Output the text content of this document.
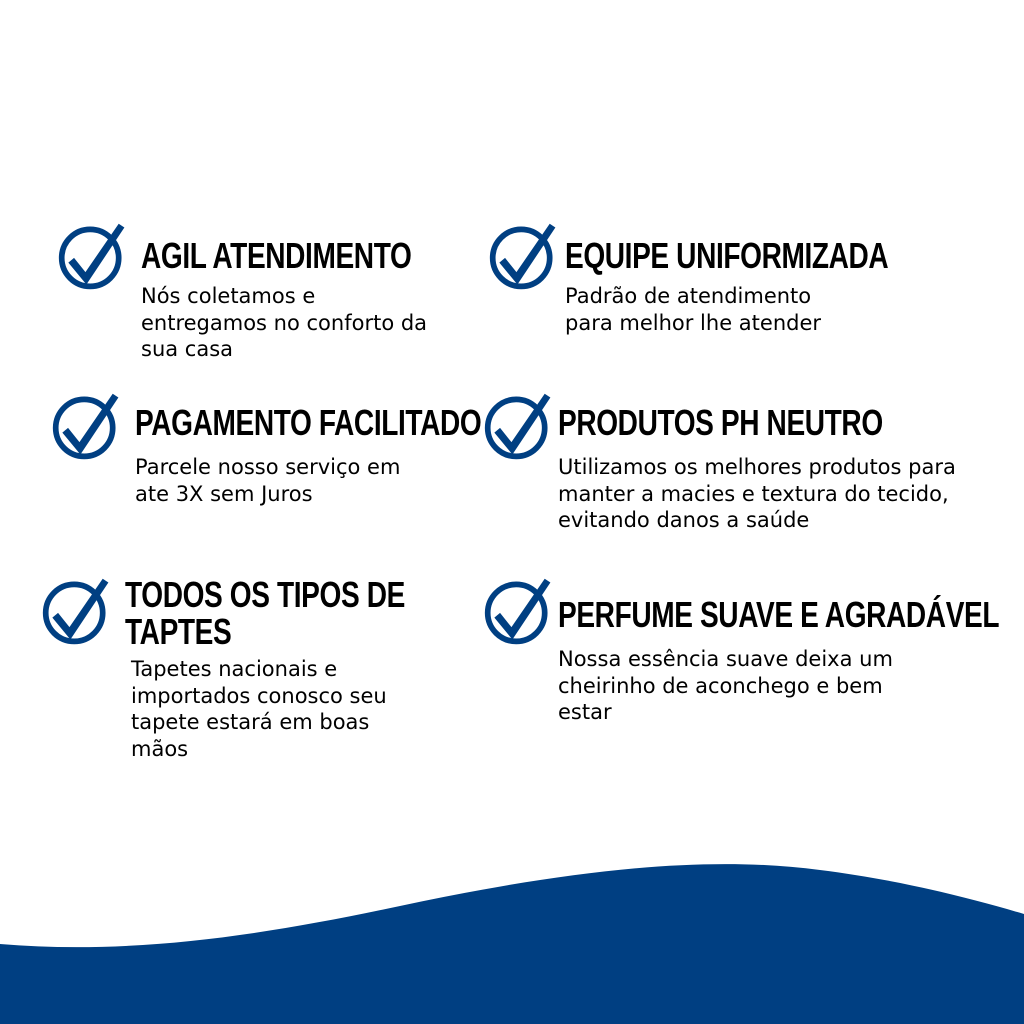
AGIL ATENDIMENTO

Nós coletamos e entregamos no conforto da sua casa

EQUIPE UNIFORMIZADA

Padrão de atendimento para melhor lhe atender

PAGAMENTO FACILITADO

Parcele nosso serviço em ate 3X sem Juros

PRODUTOS PH NEUTRO

Utilizamos os melhores produtos para manter a macies e textura do tecido, evitando danos a saúde

TODOS OS TIPOS DE TAPTES

Tapetes nacionais e importados conosco seu tapete estará em boas mãos

PERFUME SUAVE E AGRADÁVEL

Nossa essência suave deixa um cheirinho de aconchego e bem estar
